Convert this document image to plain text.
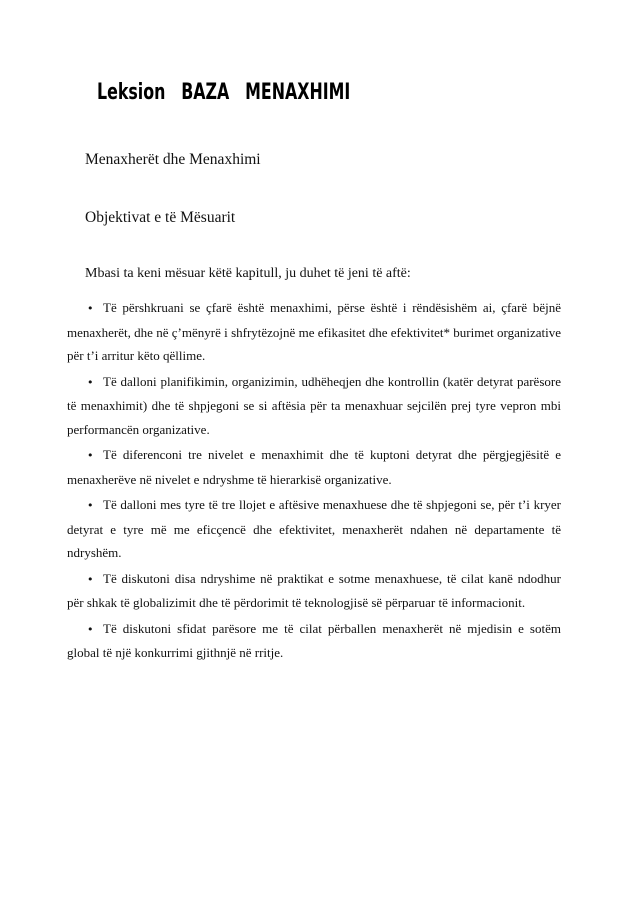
Leksion BAZA MENAXHIMI
Menaxherët dhe Menaxhimi
Objektivat e të Mësuarit
Mbasi ta keni mësuar këtë kapitull, ju duhet të jeni të aftë:
• Të përshkruani se çfarë është menaxhimi, përse është i rëndësishëm ai, çfarë bëjnë menaxherët, dhe në ç’mënyrë i shfrytëzojnë me efikasitet dhe efektivitet* burimet organizative për t’i arritur këto qëllime.
• Të dalloni planifikimin, organizimin, udhëheqjen dhe kontrollin (katër detyrat parësore të menaxhimit) dhe të shpjegoni se si aftësia për ta menaxhuar sejcilën prej tyre vepron mbi performancën organizative.
• Të diferenconi tre nivelet e menaxhimit dhe të kuptoni detyrat dhe përgjegjësitë e menaxherëve në nivelet e ndryshme të hierarkisë organizative.
• Të dalloni mes tyre të tre llojet e aftësive menaxhuese dhe të shpjegoni se, për t’i kryer detyrat e tyre më me eficçencë dhe efektivitet, menaxherët ndahen në departamente të ndryshëm.
• Të diskutoni disa ndryshime në praktikat e sotme menaxhuese, të cilat kanë ndodhur për shkak të globalizimit dhe të përdorimit të teknologjisë së përparuar të informacionit.
• Të diskutoni sfidat parësore me të cilat përballen menaxherët në mjedisin e sotëm global të një konkurrimi gjithnjë në rritje.
